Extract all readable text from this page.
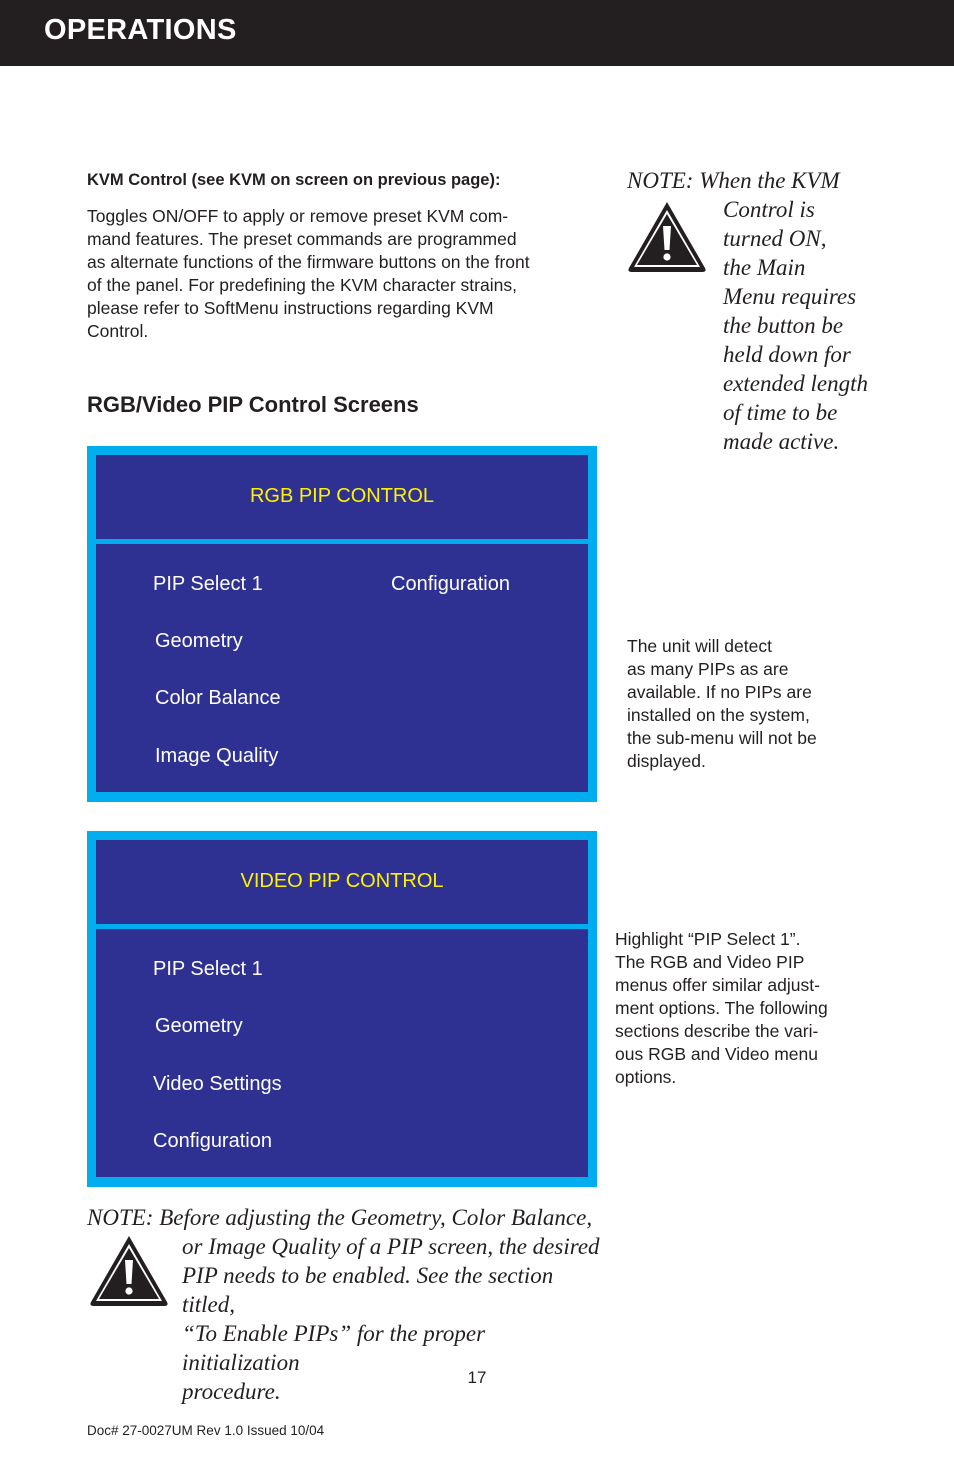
OPERATIONS
KVM Control (see KVM on screen on previous page):
Toggles ON/OFF to apply or remove preset KVM com-
mand features. The preset commands are programmed
as alternate functions of the firmware buttons on the front
of the panel. For predefining the KVM character strains,
please refer to SoftMenu instructions regarding KVM
Control.
NOTE: When the KVM
Control is
turned ON,
the Main
Menu requires
the button be
held down for
extended length
of time to be
made active.
RGB/Video PIP Control Screens
RGB PIP CONTROL
PIP Select 1	Configuration
Geometry
Color Balance
Image Quality
The unit will detect
as many PIPs as are
available. If no PIPs are
installed on the system,
the sub-menu will not be
displayed.
VIDEO PIP CONTROL
PIP Select 1
Geometry
Video Settings
Configuration
Highlight “PIP Select 1”.
The RGB and Video PIP
menus offer similar adjust-
ment options. The following
sections describe the vari-
ous RGB and Video menu
options.
NOTE: Before adjusting the Geometry, Color Balance,
or Image Quality of a PIP screen, the desired
PIP needs to be enabled. See the section titled,
“To Enable PIPs” for the proper initialization
procedure.
17
Doc# 27-0027UM Rev 1.0 Issued 10/04
